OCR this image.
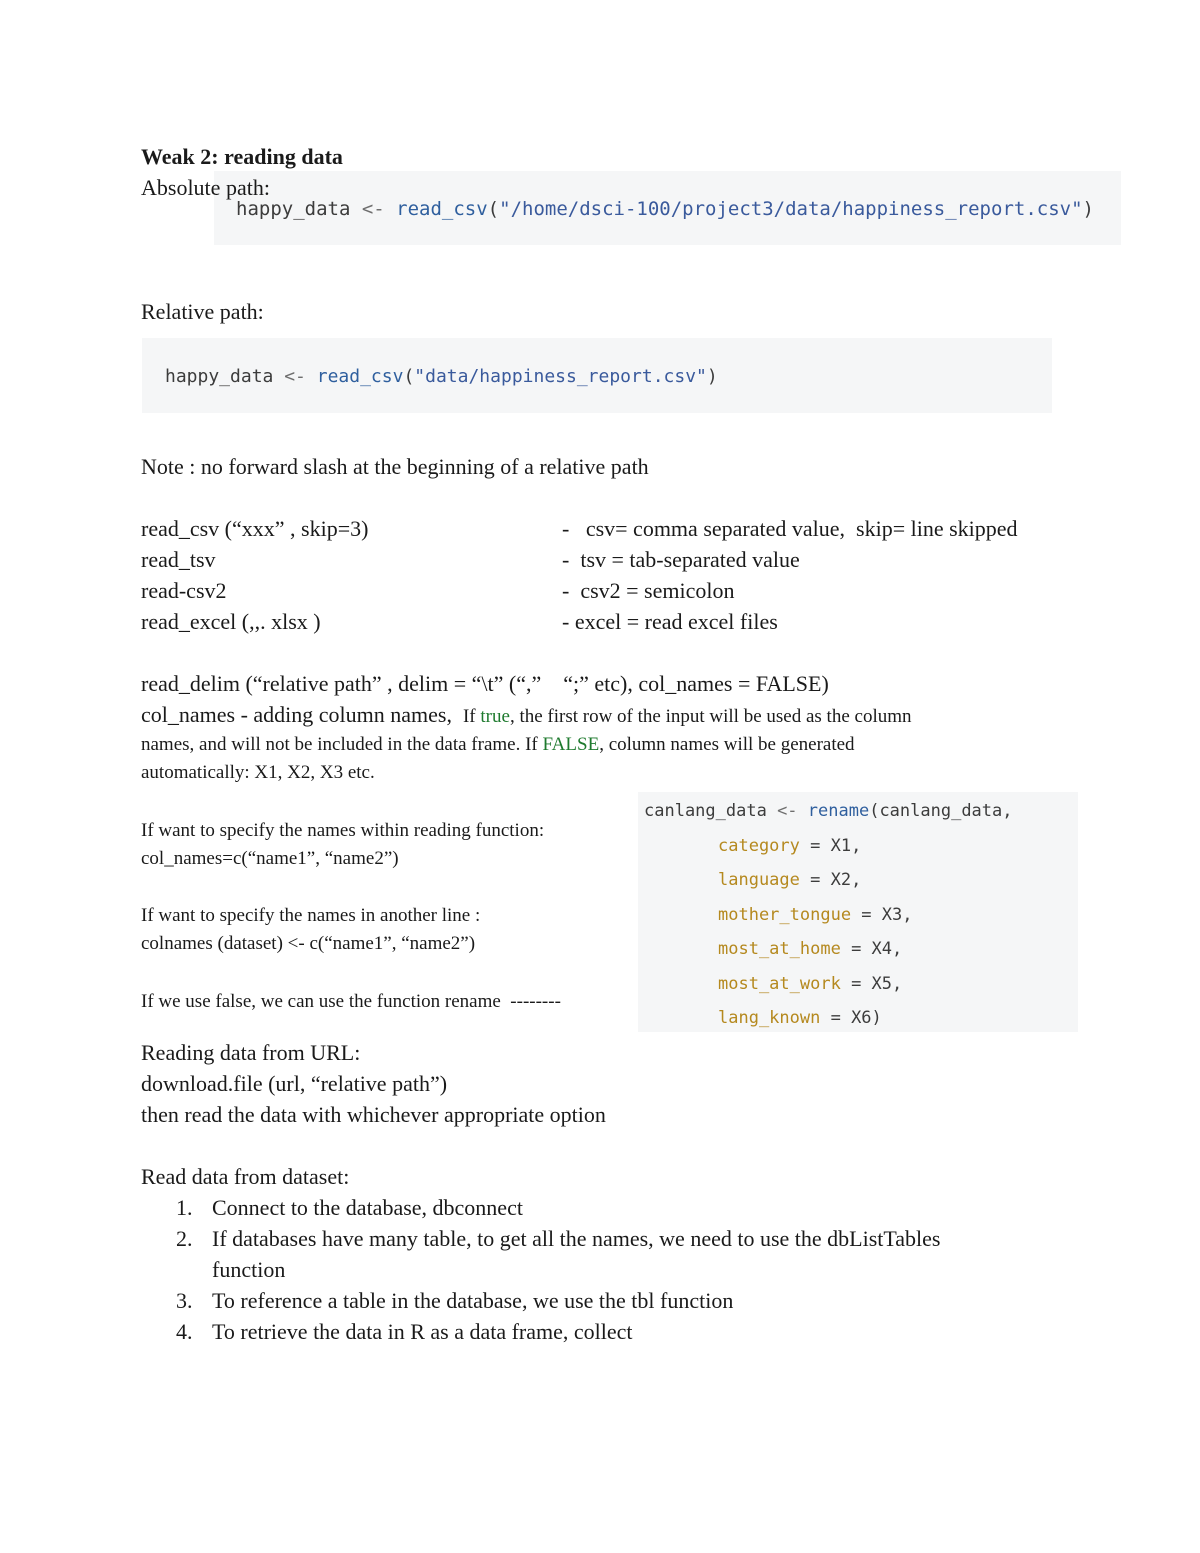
Weak 2: reading data
Absolute path:
happy_data <- read_csv("/home/dsci-100/project3/data/happiness_report.csv")
Relative path:
happy_data <- read_csv("data/happiness_report.csv")
Note : no forward slash at the beginning of a relative path
read_csv (“xxx” , skip=3)	-   csv= comma separated value,  skip= line skipped
read_tsv	-  tsv = tab-separated value
read-csv2	-  csv2 = semicolon
read_excel (,,. xlsx )	- excel = read excel files
read_delim (“relative path” , delim = “\t” (“,”    “;” etc), col_names = FALSE)
col_names - adding column names,  If true, the first row of the input will be used as the column
names, and will not be included in the data frame. If FALSE, column names will be generated
automatically: X1, X2, X3 etc.
If want to specify the names within reading function:
col_names=c(“name1”, “name2”)
If want to specify the names in another line :
colnames (dataset) <- c(“name1”, “name2”)
If we use false, we can use the function rename  --------
canlang_data <- rename(canlang_data,
category = X1,
language = X2,
mother_tongue = X3,
most_at_home = X4,
most_at_work = X5,
lang_known = X6)
Reading data from URL:
download.file (url, “relative path”)
then read the data with whichever appropriate option
Read data from dataset:
1. Connect to the database, dbconnect
2. If databases have many table, to get all the names, we need to use the dbListTables
function
3. To reference a table in the database, we use the tbl function
4. To retrieve the data in R as a data frame, collect
